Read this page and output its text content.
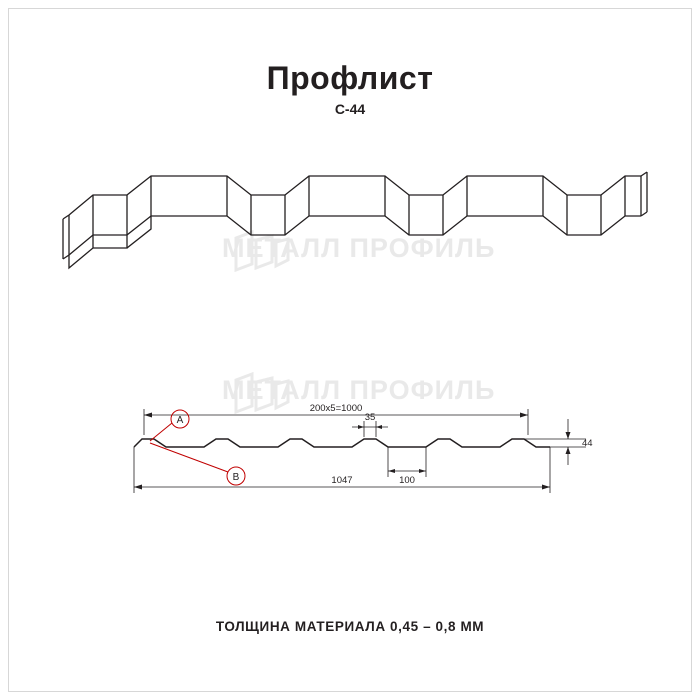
Профлист
С-44
МЕТАЛЛ ПРОФИЛЬ
МЕТАЛЛ ПРОФИЛЬ
200х5=1000
35
1047	100
44
A
B
ТОЛЩИНА МАТЕРИАЛА 0,45 – 0,8 ММ
